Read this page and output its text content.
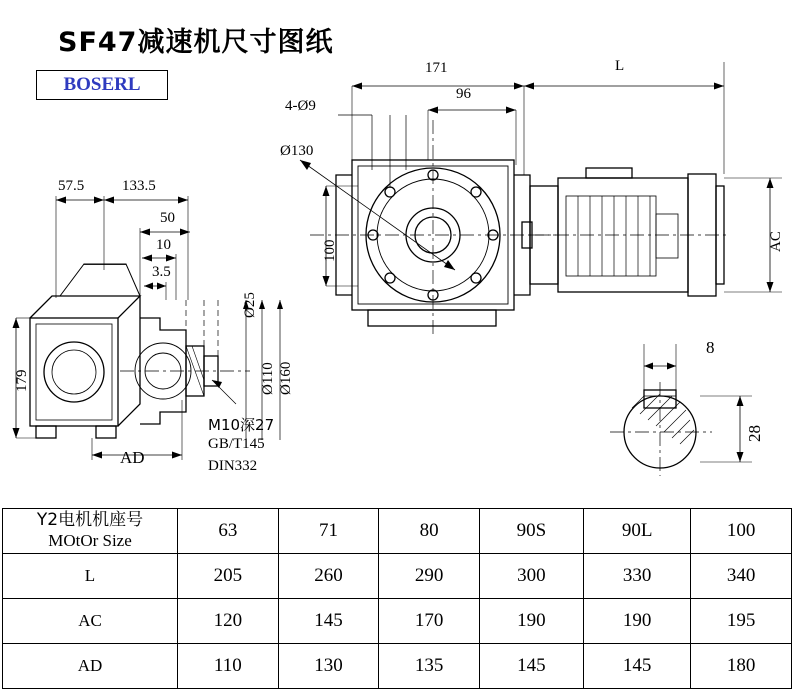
SF47减速机尺寸图纸
BOSERL
171	L
96
4-Ø9
Ø130
100	AC
8
28
57.5	133.5
50
10
3.5
179
AD
Ø25
Ø110 Ø160
M10深27
GB/T145
DIN332
Y2电机机座号
MOtOr Size	63	71	80	90S	90L	100
L	205	260	290	300	330	340
AC	120	145	170	190	190	195
AD	110	130	135	145	145	180
